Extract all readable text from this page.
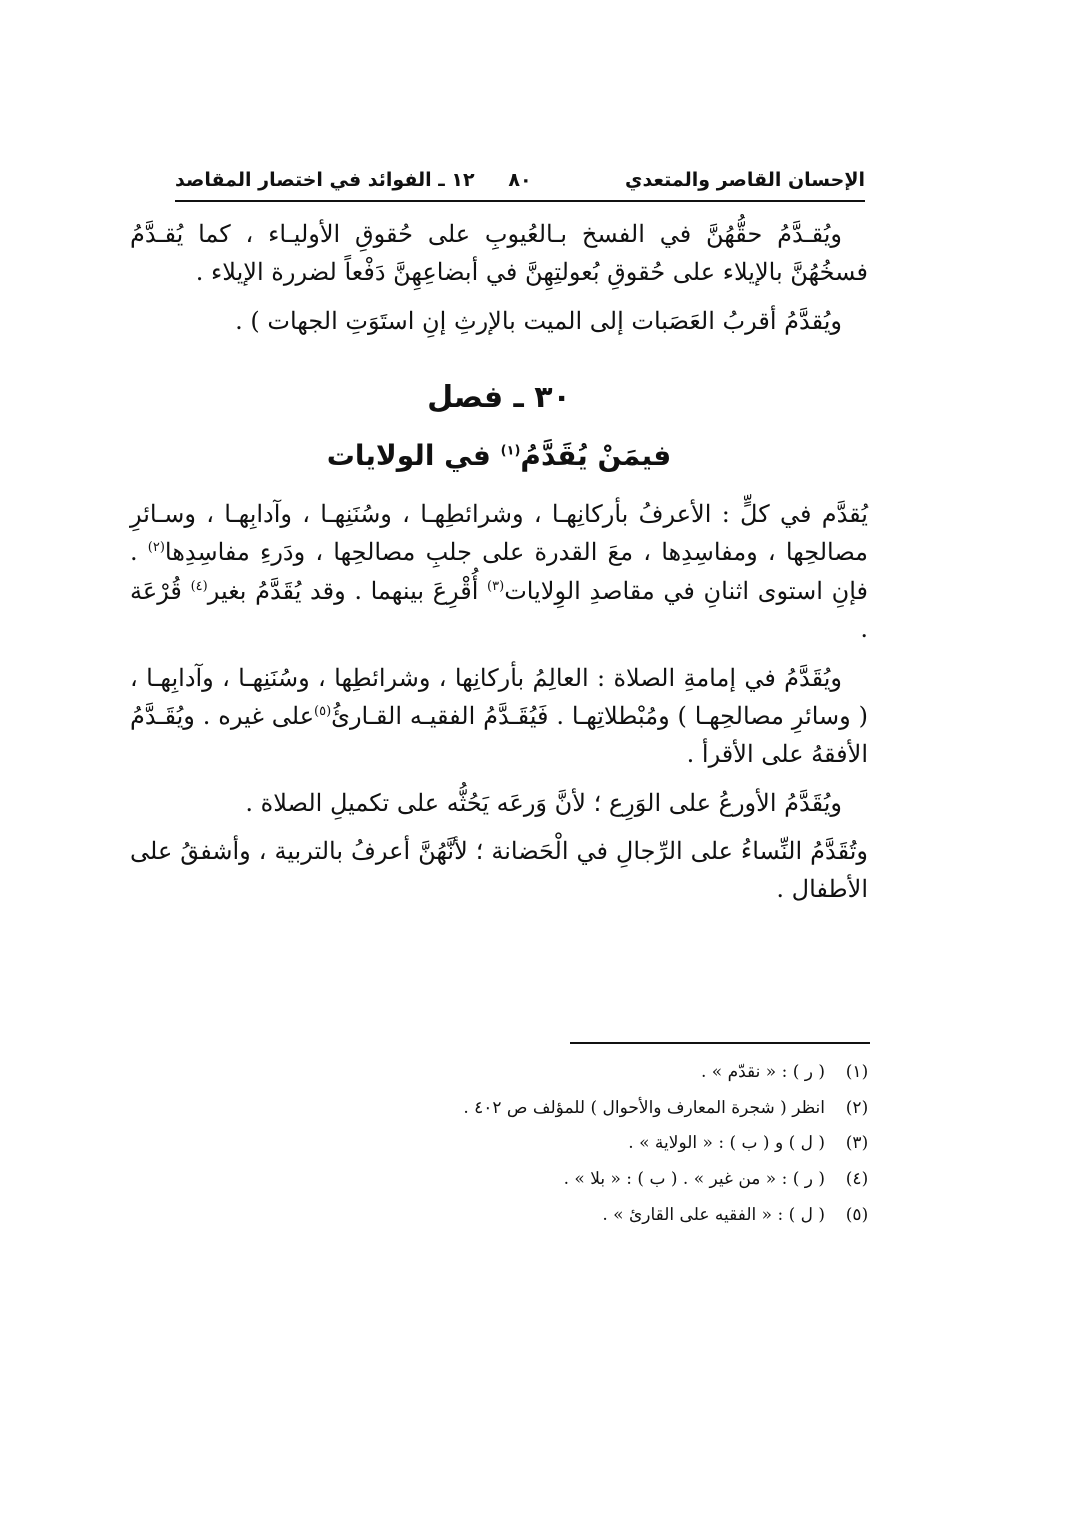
الإحسان القاصر والمتعدي
٨٠
١٢ ـ الفوائد في اختصار المقاصد

ويُقـدَّمُ حقُّهُنَّ في الفسخ بـالعُيوبِ على حُقوقِ الأوليـاء ، كما يُقـدَّمُ فسخُهُنَّ بالإيلاء على حُقوقِ بُعولتِهِنَّ في أبضاعِهِنَّ دَفْعاً لضررة الإيلاء .

ويُقدَّمُ أقربُ العَصَبات إلى الميت بالإرثِ إنِ استَوَتِ الجهات ) .

٣٠ ـ فصل
فيمَنْ يُقَدَّمُ$^{(١)}$ في الولايات

يُقدَّم في كلٍّ : الأعرفُ بأركانِهـا ، وشرائطِهـا ، وسُنَنِهـا ، وآدابِهـا ، وسـائرِ مصالحِها ، ومفاسِدِها ، معَ القدرة على جلبِ مصالحِها ، ودَرءِ مفاسِدِها$^{(٢)}$ . فإنِ استوى اثنانِ في مقاصدِ الوِلايات$^{(٣)}$ أُقْرِعَ بينهما . وقد يُقَدَّمُ بغير$^{(٤)}$ قُرْعَة .

ويُقَدَّمُ في إمامةِ الصلاة : العالِمُ بأركانِها ، وشرائطِها ، وسُنَنِهـا ، وآدابِهـا ، ( وسائرِ مصالحِهـا ) ومُبْطلاتِهـا . فَيُقَـدَّمُ الفقيـه القـارئُ$^{(٥)}$على غيره . ويُقَـدَّمُ الأفقهُ على الأقرأ .

ويُقَدَّمُ الأورعُ على الوَرِع ؛ لأنَّ وَرعَه يَحُثُّه على تكميلِ الصلاة .

وتُقَدَّمُ النِّساءُ على الرِّجالِ في الْحَضانة ؛ لأنَّهُنَّ أعرفُ بالتربية ، وأشفقُ على الأطفال .

(١)
( ر ) : « نقدّم » .
(٢)
انظر ( شجرة المعارف والأحوال ) للمؤلف ص ٤٠٢ .
(٣)
( ل ) و ( ب ) : « الولاية » .
(٤)
( ر ) : « من غير » . ( ب ) : « بلا » .
(٥)
( ل ) : « الفقيه على القارئ » .
